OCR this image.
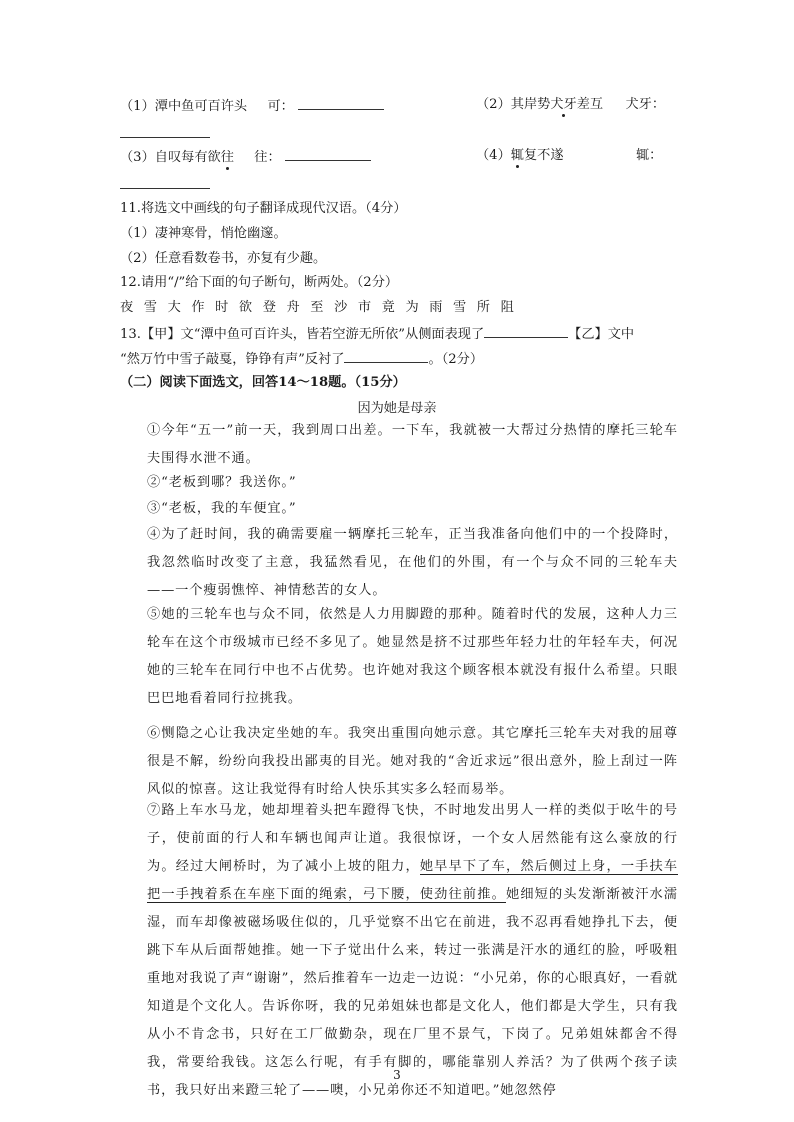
（1）潭中鱼可百许头 可：	（2）其岸势犬牙差互 犬牙：
（3）自叹每有欲往 往：	（4）辄复不遂	辄：
11.将选文中画线的句子翻译成现代汉语。（4分）
（1）凄神寒骨，悄怆幽邃。
（2）任意看数卷书，亦复有少趣。
12.请用“/”给下面的句子断句，断两处。（2分）
夜雪大作时欲登舟至沙市竟为雨雪所阻
13.【甲】文“潭中鱼可百许头，皆若空游无所依”从侧面表现了	【乙】文中
“然万竹中雪子敲戛，铮铮有声”反衬了	。（2分）
（二）阅读下面选文，回答14～18题。（15分）
因为她是母亲
①今年“五一”前一天，我到周口出差。一下车，我就被一大帮过分热情的摩托三轮车夫围得水泄不通。
②“老板到哪？我送你。”
③“老板，我的车便宜。”
④为了赶时间，我的确需要雇一辆摩托三轮车，正当我准备向他们中的一个投降时，我忽然临时改变了主意，我猛然看见，在他们的外围，有一个与众不同的三轮车夫——一个瘦弱憔悴、神情愁苦的女人。
⑤她的三轮车也与众不同，依然是人力用脚蹬的那种。随着时代的发展，这种人力三轮车在这个市级城市已经不多见了。她显然是挤不过那些年轻力壮的年轻车夫，何况她的三轮车在同行中也不占优势。也许她对我这个顾客根本就没有报什么希望。只眼巴巴地看着同行拉挑我。
⑥恻隐之心让我决定坐她的车。我突出重围向她示意。其它摩托三轮车夫对我的屈尊很是不解，纷纷向我投出鄙夷的目光。她对我的“舍近求远”很出意外，脸上刮过一阵风似的惊喜。这让我觉得有时给人快乐其实多么轻而易举。
⑦路上车水马龙，她却埋着头把车蹬得飞快，不时地发出男人一样的类似于吆牛的号子，使前面的行人和车辆也闻声让道。我很惊讶，一个女人居然能有这么豪放的行为。经过大闸桥时，为了减小上坡的阻力，她早早下了车，然后侧过上身，一手扶车把一手拽着系在车座下面的绳索，弓下腰，使劲往前推。她细短的头发渐渐被汗水濡湿，而车却像被磁场吸住似的，几乎觉察不出它在前进，我不忍再看她挣扎下去，便跳下车从后面帮她推。她一下子觉出什么来，转过一张满是汗水的通红的脸，呼吸粗重地对我说了声“谢谢”，然后推着车一边走一边说：“小兄弟，你的心眼真好，一看就知道是个文化人。告诉你呀，我的兄弟姐妹也都是文化人，他们都是大学生，只有我从小不肯念书，只好在工厂做勤杂，现在厂里不景气，下岗了。兄弟姐妹都舍不得我，常要给我钱。这怎么行呢，有手有脚的，哪能靠别人养活？为了供两个孩子读书，我只好出来蹬三轮了——噢，小兄弟你还不知道吧。”她忽然停
3
